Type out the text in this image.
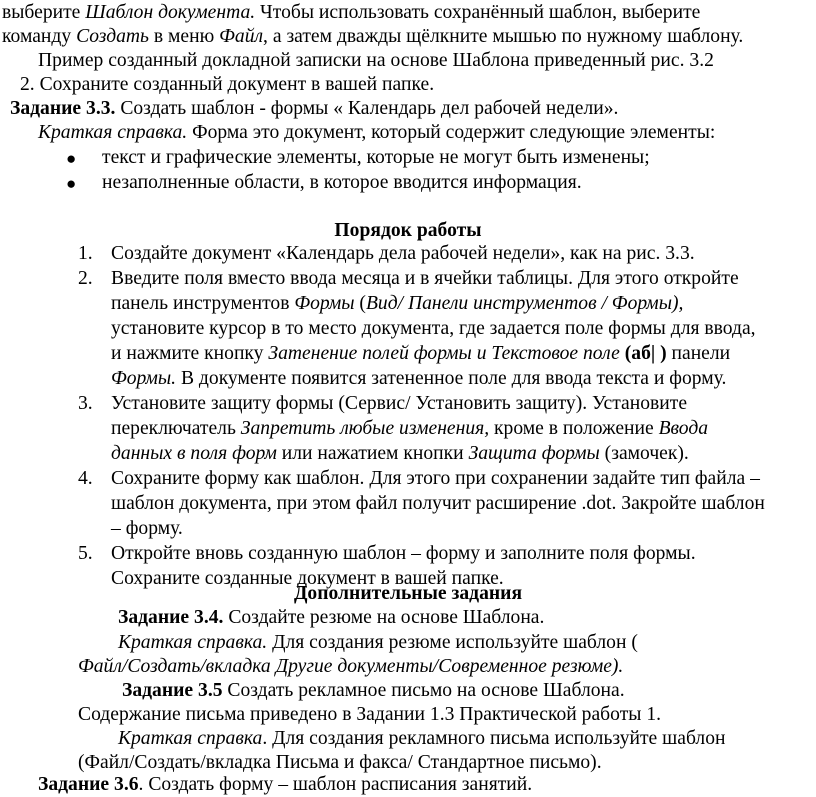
выберите Шаблон документа. Чтобы использовать сохранённый шаблон, выберите
команду Создать в меню Файл, а затем дважды щёлкните мышью по нужному шаблону.
Пример созданный докладной записки на основе Шаблона приведенный рис. 3.2
2. Сохраните созданный документ в вашей папке.
Задание 3.3. Создать шаблон - формы « Календарь дел рабочей недели».
Краткая справка. Форма это документ, который содержит следующие элементы:
● текст и графические элементы, которые не могут быть изменены;
● незаполненные области, в которое вводится информация.
Порядок работы
1. Создайте документ «Календарь дела рабочей недели», как на рис. 3.3.
2. Введите поля вместо ввода месяца и в ячейки таблицы. Для этого откройте
панель инструментов Формы (Вид/ Панели инструментов / Формы),
установите курсор в то место документа, где задается поле формы для ввода,
и нажмите кнопку Затенение полей формы и Текстовое поле (аб| ) панели
Формы. В документе появится затененное поле для ввода текста и форму.
3. Установите защиту формы (Сервис/ Установить защиту). Установите
переключатель Запретить любые изменения, кроме в положение Ввода
данных в поля форм или нажатием кнопки Защита формы (замочек).
4. Сохраните форму как шаблон. Для этого при сохранении задайте тип файла –
шаблон документа, при этом файл получит расширение .dot. Закройте шаблон
– форму.
5. Откройте вновь созданную шаблон – форму и заполните поля формы.
Сохраните созданные документ в вашей папке.
Дополнительные задания
Задание 3.4. Создайте резюме на основе Шаблона.
Краткая справка. Для создания резюме используйте шаблон (
Файл/Создать/вкладка Другие документы/Современное резюме).
Задание 3.5 Создать рекламное письмо на основе Шаблона.
Содержание письма приведено в Задании 1.3 Практической работы 1.
Краткая справка. Для создания рекламного письма используйте шаблон
(Файл/Создать/вкладка Письма и факса/ Стандартное письмо).
Задание 3.6. Создать форму – шаблон расписания занятий.
